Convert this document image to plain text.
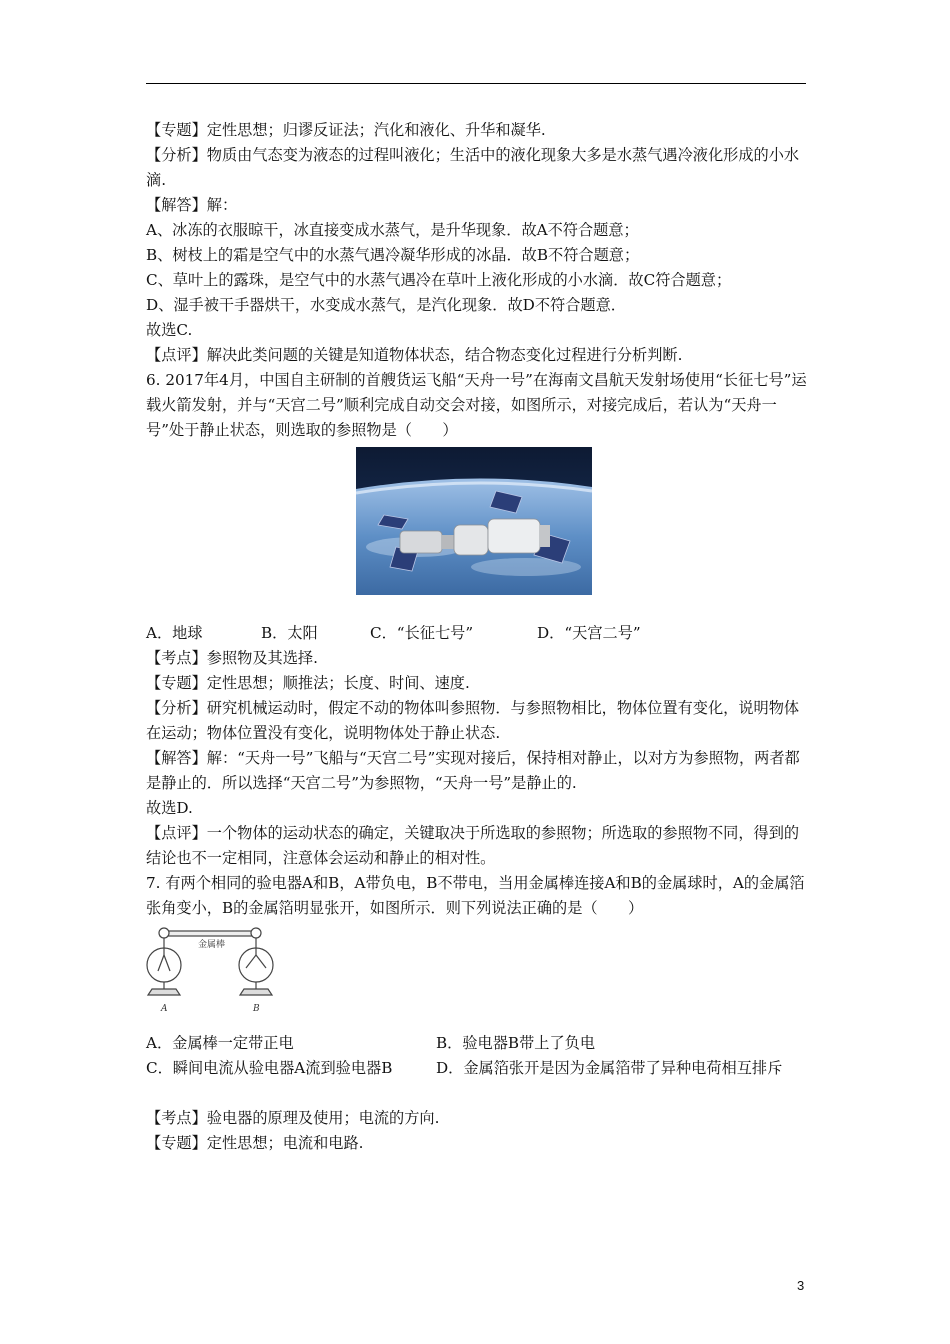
【专题】定性思想；归谬反证法；汽化和液化、升华和凝华.
【分析】物质由气态变为液态的过程叫液化；生活中的液化现象大多是水蒸气遇冷液化形成的小水滴.
【解答】解：
A、冰冻的衣服晾干，冰直接变成水蒸气，是升华现象．故A不符合题意；
B、树枝上的霜是空气中的水蒸气遇冷凝华形成的冰晶．故B不符合题意；
C、草叶上的露珠，是空气中的水蒸气遇冷在草叶上液化形成的小水滴．故C符合题意；
D、湿手被干手器烘干，水变成水蒸气，是汽化现象．故D不符合题意．
故选C.
【点评】解决此类问题的关键是知道物体状态，结合物态变化过程进行分析判断.
6. 2017年4月，中国自主研制的首艘货运飞船“天舟一号”在海南文昌航天发射场使用“长征七号”运载火箭发射，并与“天宫二号”顺利完成自动交会对接，如图所示，对接完成后，若认为“天舟一号”处于静止状态，则选取的参照物是（　　）
A．地球	B．太阳	C．“长征七号”	D．“天宫二号”
【考点】参照物及其选择.
【专题】定性思想；顺推法；长度、时间、速度.
【分析】研究机械运动时，假定不动的物体叫参照物．与参照物相比，物体位置有变化，说明物体在运动；物体位置没有变化，说明物体处于静止状态.
【解答】解：“天舟一号”飞船与“天宫二号”实现对接后，保持相对静止，以对方为参照物，两者都是静止的．所以选择“天宫二号”为参照物，“天舟一号”是静止的.
故选D.
【点评】一个物体的运动状态的确定，关键取决于所选取的参照物；所选取的参照物不同，得到的结论也不一定相同，注意体会运动和静止的相对性。
7. 有两个相同的验电器A和B，A带负电，B不带电，当用金属棒连接A和B的金属球时，A的金属箔张角变小，B的金属箔明显张开，如图所示．则下列说法正确的是（　　）
金属棒
A	B
A．金属棒一定带正电	B．验电器B带上了负电
C．瞬间电流从验电器A流到验电器B	D．金属箔张开是因为金属箔带了异种电荷相互排斥
【考点】验电器的原理及使用；电流的方向.
【专题】定性思想；电流和电路.
3
